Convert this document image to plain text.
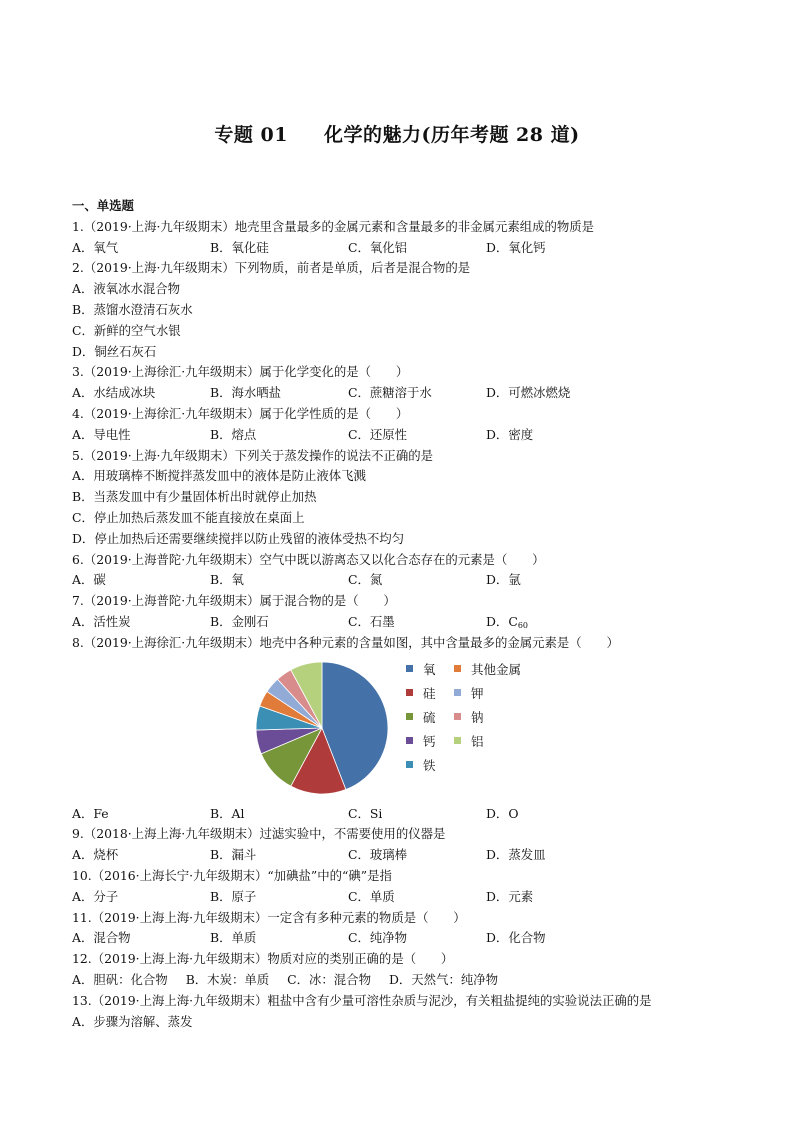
专题 01 化学的魅力(历年考题 28 道)
一、单选题
1.（2019·上海·九年级期末）地壳里含量最多的金属元素和含量最多的非金属元素组成的物质是
A．氧气	B．氧化硅	C．氧化铝	D．氧化钙
2.（2019·上海·九年级期末）下列物质，前者是单质，后者是混合物的是
A．液氧冰水混合物
B．蒸馏水澄清石灰水
C．新鲜的空气水银
D．铜丝石灰石
3.（2019·上海徐汇·九年级期末）属于化学变化的是（　　）
A．水结成冰块	B．海水晒盐	C．蔗糖溶于水	D．可燃冰燃烧
4.（2019·上海徐汇·九年级期末）属于化学性质的是（　　）
A．导电性	B．熔点	C．还原性	D．密度
5.（2019·上海·九年级期末）下列关于蒸发操作的说法不正确的是
A．用玻璃棒不断搅拌蒸发皿中的液体是防止液体飞溅
B．当蒸发皿中有少量固体析出时就停止加热
C．停止加热后蒸发皿不能直接放在桌面上
D．停止加热后还需要继续搅拌以防止残留的液体受热不均匀
6.（2019·上海普陀·九年级期末）空气中既以游离态又以化合态存在的元素是（　　）
A．碳	B．氧	C．氮	D．氩
7.（2019·上海普陀·九年级期末）属于混合物的是（　　）
A．活性炭	B．金刚石	C．石墨	D．$C_{60}$
8.（2019·上海徐汇·九年级期末）地壳中各种元素的含量如图，其中含量最多的金属元素是（　　）
氧	其他金属
硅	钾
硫	钠
钙	铝
铁
A．Fe	B．Al	C．Si	D．O
9.（2018·上海上海·九年级期末）过滤实验中，不需要使用的仪器是
A．烧杯	B．漏斗	C．玻璃棒	D．蒸发皿
10.（2016·上海长宁·九年级期末）“加碘盐”中的“碘”是指
A．分子	B．原子	C．单质	D．元素
11.（2019·上海上海·九年级期末）一定含有多种元素的物质是（　　）
A．混合物	B．单质	C．纯净物	D．化合物
12.（2019·上海上海·九年级期末）物质对应的类别正确的是（　　）
A．胆矾：化合物 B．木炭：单质 C．冰：混合物 D．天然气：纯净物
13.（2019·上海上海·九年级期末）粗盐中含有少量可溶性杂质与泥沙，有关粗盐提纯的实验说法正确的是
A．步骤为溶解、蒸发
